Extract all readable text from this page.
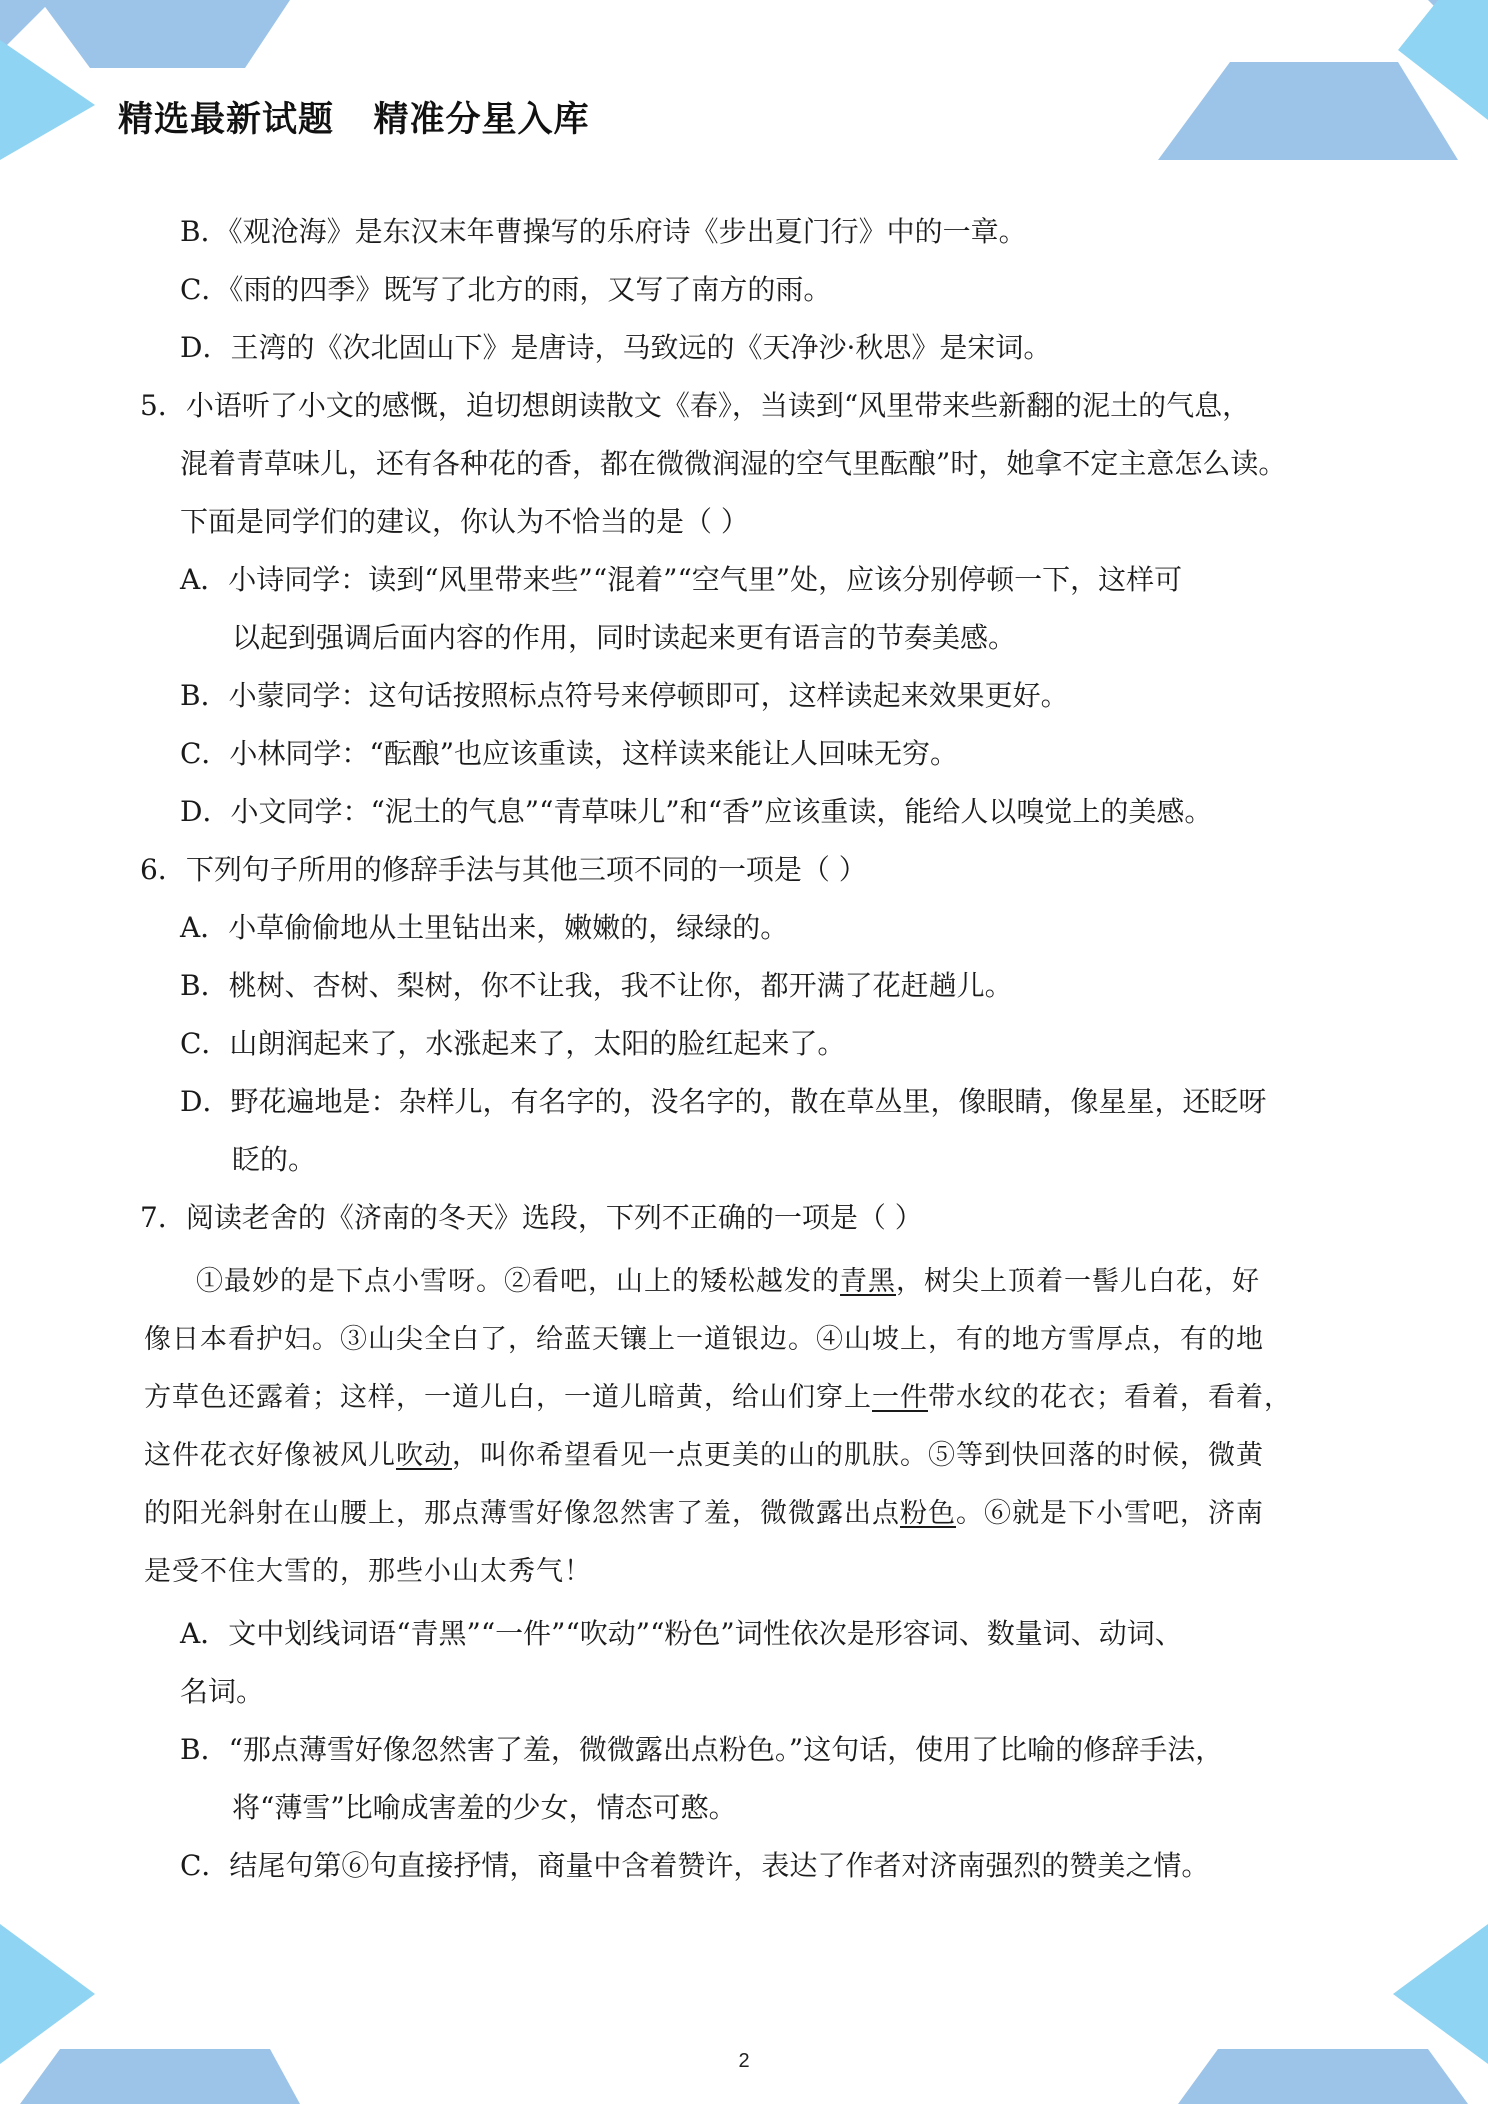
精选最新试题   精准分星入库
B．《观沧海》是东汉末年曹操写的乐府诗《步出夏门行》中的一章。
C．《雨的四季》既写了北方的雨，又写了南方的雨。
D．王湾的《次北固山下》是唐诗，马致远的《天净沙·秋思》是宋词。
5．小语听了小文的感慨，迫切想朗读散文《春》，当读到“风里带来些新翻的泥土的气息，
混着青草味儿，还有各种花的香，都在微微润湿的空气里酝酿”时，她拿不定主意怎么读。
下面是同学们的建议，你认为不恰当的是（ ）
A．小诗同学：读到“风里带来些”“混着”“空气里”处，应该分别停顿一下，这样可
以起到强调后面内容的作用，同时读起来更有语言的节奏美感。
B．小蒙同学：这句话按照标点符号来停顿即可，这样读起来效果更好。
C．小林同学：“酝酿”也应该重读，这样读来能让人回味无穷。
D．小文同学：“泥土的气息”“青草味儿”和“香”应该重读，能给人以嗅觉上的美感。
6．下列句子所用的修辞手法与其他三项不同的一项是（ ）
A．小草偷偷地从土里钻出来，嫩嫩的，绿绿的。
B．桃树、杏树、梨树，你不让我，我不让你，都开满了花赶趟儿。
C．山朗润起来了，水涨起来了，太阳的脸红起来了。
D．野花遍地是：杂样儿，有名字的，没名字的，散在草丛里，像眼睛，像星星，还眨呀
眨的。
7．阅读老舍的《济南的冬天》选段，下列不正确的一项是（ ）
①最妙的是下点小雪呀。②看吧，山上的矮松越发的青黑，树尖上顶着一髻儿白花，好
像日本看护妇。③山尖全白了，给蓝天镶上一道银边。④山坡上，有的地方雪厚点，有的地
方草色还露着；这样，一道儿白，一道儿暗黄，给山们穿上一件带水纹的花衣；看着，看着，
这件花衣好像被风儿吹动，叫你希望看见一点更美的山的肌肤。⑤等到快回落的时候，微黄
的阳光斜射在山腰上，那点薄雪好像忽然害了羞，微微露出点粉色。⑥就是下小雪吧，济南
是受不住大雪的，那些小山太秀气！
A．文中划线词语“青黑”“一件”“吹动”“粉色”词性依次是形容词、数量词、动词、
名词。
B．“那点薄雪好像忽然害了羞，微微露出点粉色。”这句话，使用了比喻的修辞手法，
将“薄雪”比喻成害羞的少女，情态可憨。
C．结尾句第⑥句直接抒情，商量中含着赞许，表达了作者对济南强烈的赞美之情。
2
